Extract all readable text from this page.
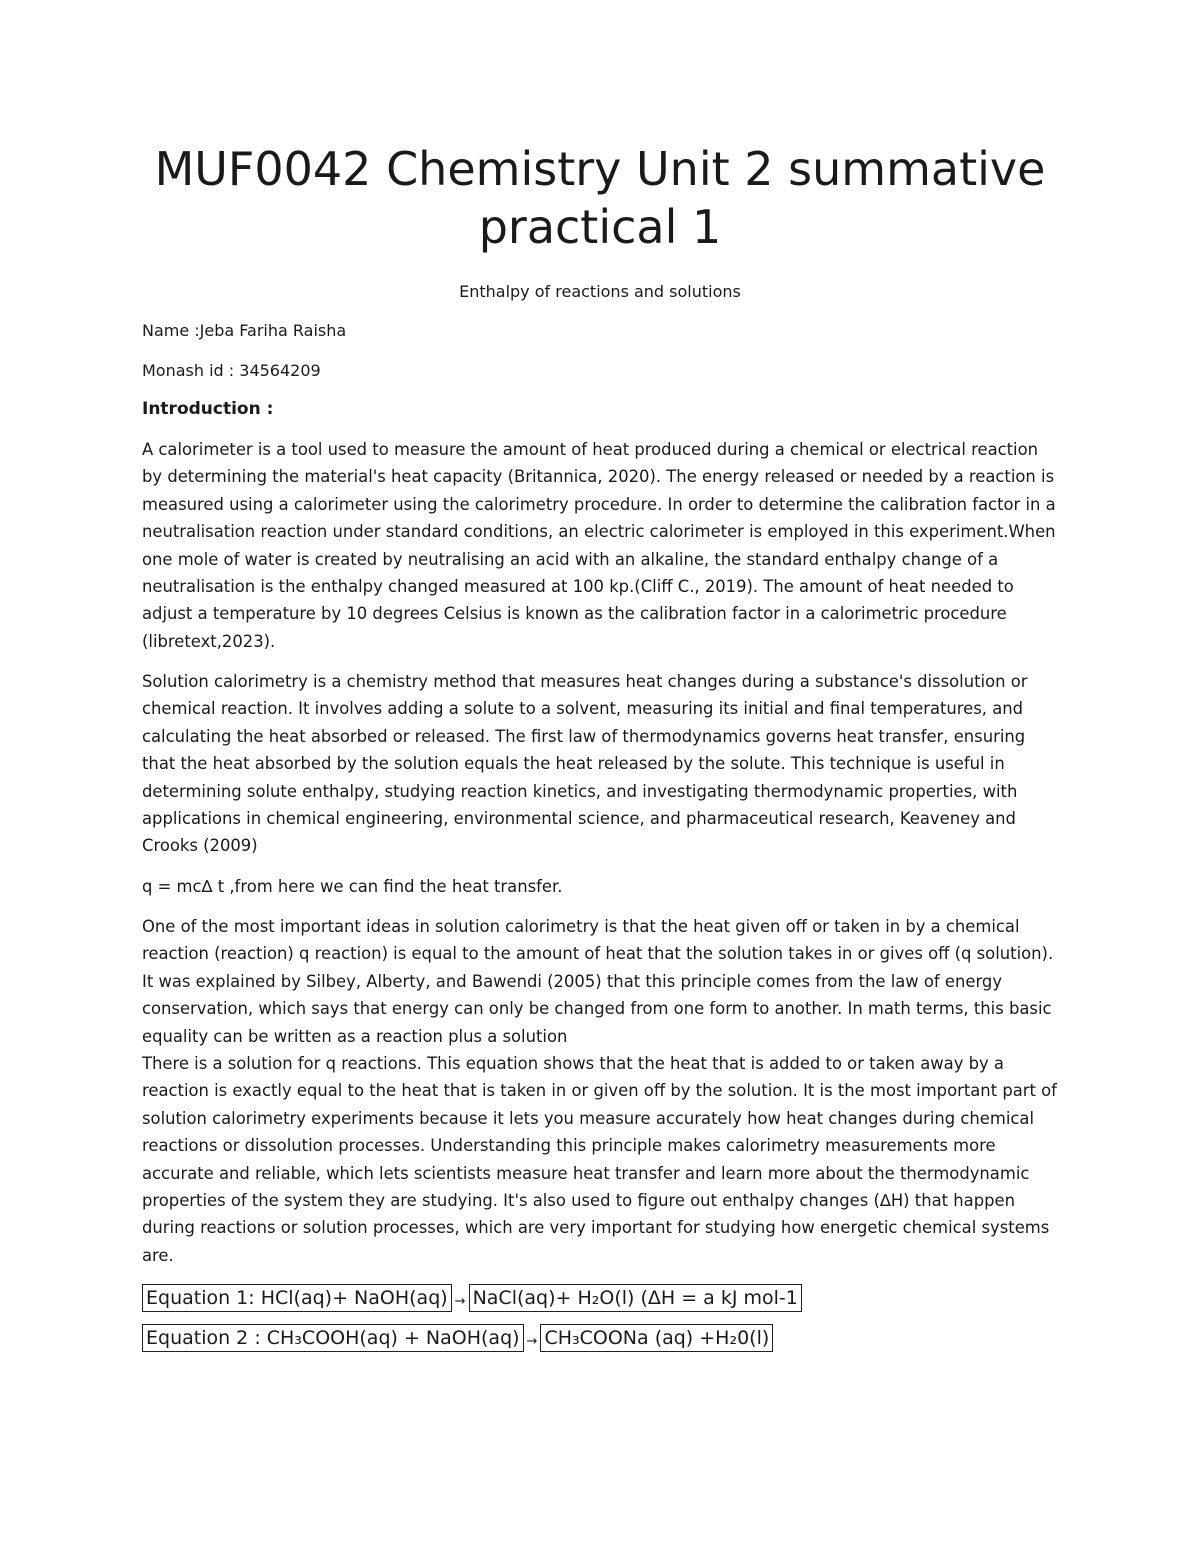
MUF0042 Chemistry Unit 2 summative practical 1
Enthalpy of reactions and solutions
Name :Jeba Fariha Raisha
Monash id : 34564209
Introduction :

A calorimeter is a tool used to measure the amount of heat produced during a chemical or electrical reaction by determining the material's heat capacity (Britannica, 2020). The energy released or needed by a reaction is measured using a calorimeter using the calorimetry procedure. In order to determine the calibration factor in a neutralisation reaction under standard conditions, an electric calorimeter is employed in this experiment.When one mole of water is created by neutralising an acid with an alkaline, the standard enthalpy change of a neutralisation is the enthalpy changed measured at 100 kp.(Cliff C., 2019). The amount of heat needed to adjust a temperature by 10 degrees Celsius is known as the calibration factor in a calorimetric procedure (libretext,2023).

Solution calorimetry is a chemistry method that measures heat changes during a substance's dissolution or chemical reaction. It involves adding a solute to a solvent, measuring its initial and final temperatures, and calculating the heat absorbed or released. The first law of thermodynamics governs heat transfer, ensuring that the heat absorbed by the solution equals the heat released by the solute. This technique is useful in determining solute enthalpy, studying reaction kinetics, and investigating thermodynamic properties, with applications in chemical engineering, environmental science, and pharmaceutical research, Keaveney and Crooks (2009)

q = mc∆ t ,from here we can find the heat transfer.

One of the most important ideas in solution calorimetry is that the heat given off or taken in by a chemical reaction (reaction) q reaction) is equal to the amount of heat that the solution takes in or gives off (q solution). It was explained by Silbey, Alberty, and Bawendi (2005) that this principle comes from the law of energy conservation, which says that energy can only be changed from one form to another. In math terms, this basic equality can be written as a reaction plus a solution

There is a solution for q reactions. This equation shows that the heat that is added to or taken away by a reaction is exactly equal to the heat that is taken in or given off by the solution. It is the most important part of solution calorimetry experiments because it lets you measure accurately how heat changes during chemical reactions or dissolution processes. Understanding this principle makes calorimetry measurements more accurate and reliable, which lets scientists measure heat transfer and learn more about the thermodynamic properties of the system they are studying. It's also used to figure out enthalpy changes (∆H) that happen during reactions or solution processes, which are very important for studying how energetic chemical systems are.

Equation 1: HCl(aq)+ NaOH(aq) → NaCl(aq)+ H₂O(l) (ΔH = a kJ mol-1
Equation 2 : CH₃COOH(aq) + NaOH(aq) → CH₃COONa (aq) +H₂0(l)
